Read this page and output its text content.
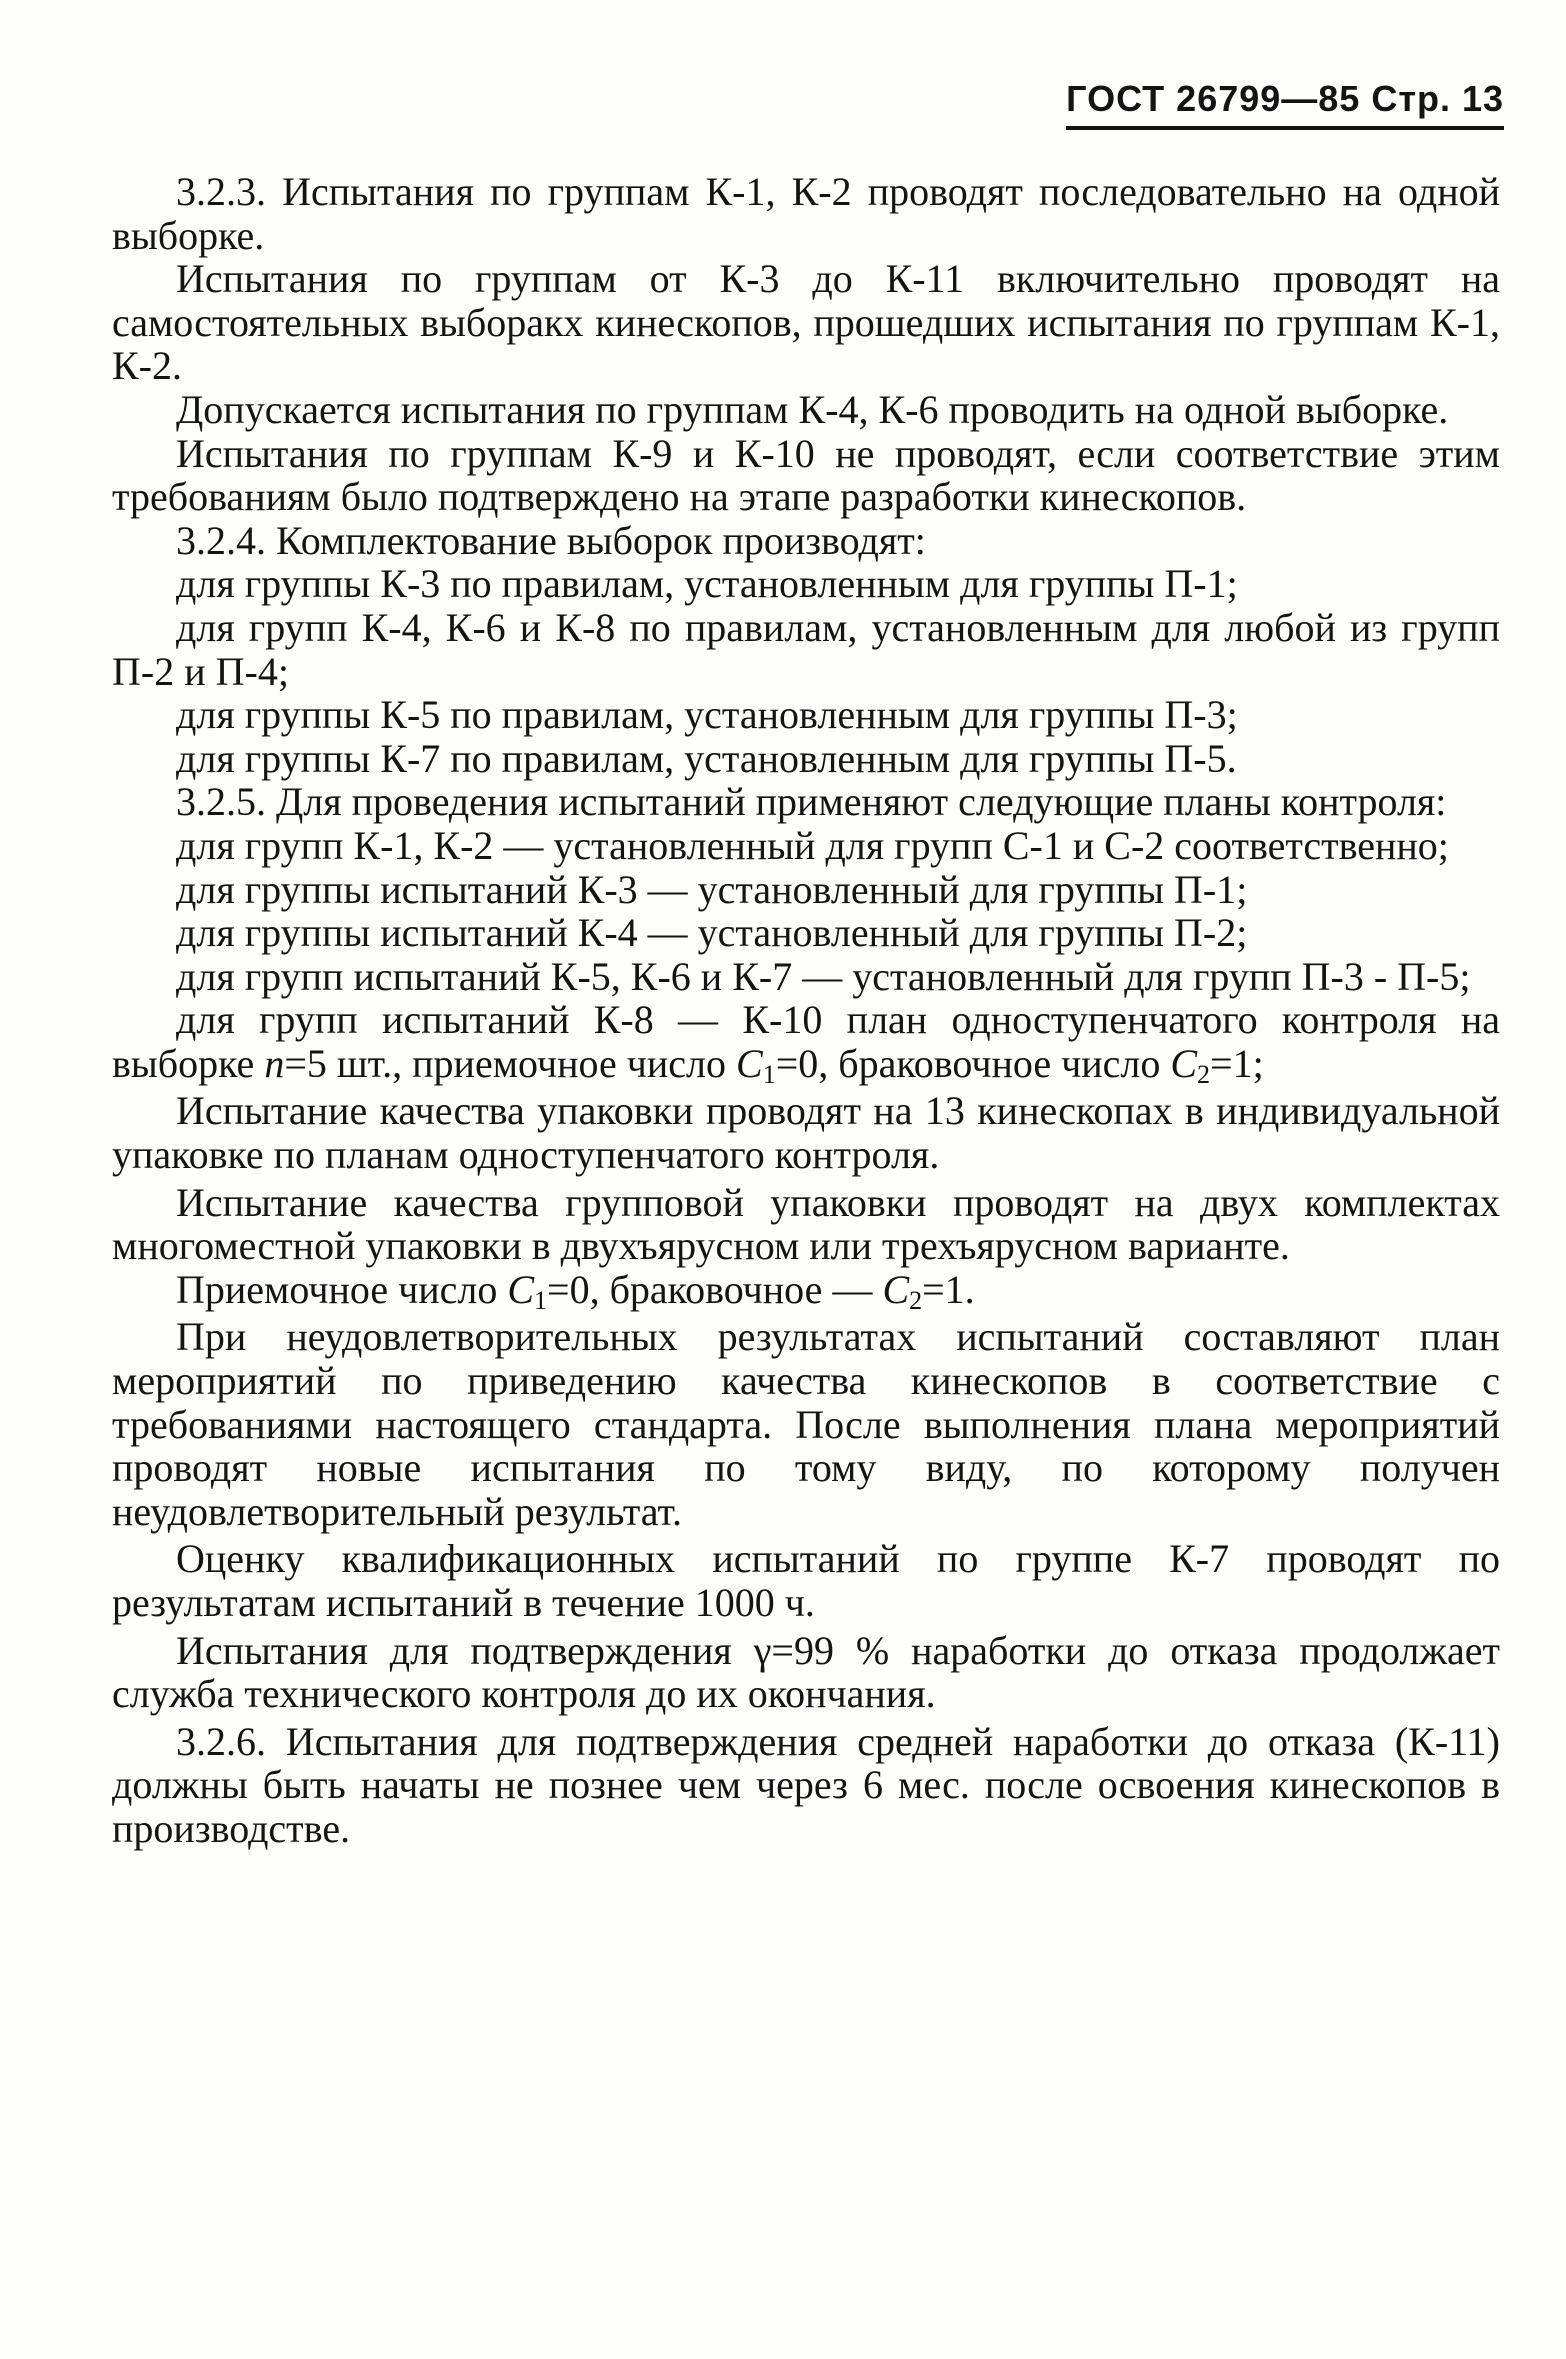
ГОСТ 26799—85 Стр. 13

3.2.3. Испытания по группам К-1, К-2 проводят последовательно на одной выборке.

Испытания по группам от К-3 до К-11 включительно проводят на самостоятельных выборакх кинескопов, прошедших испытания по группам К-1, К-2.

Допускается испытания по группам К-4, К-6 проводить на одной выборке.

Испытания по группам К-9 и К-10 не проводят, если соответствие этим требованиям было подтверждено на этапе разработки кинескопов.

3.2.4. Комплектование выборок производят:

для группы К-3 по правилам, установленным для группы П-1;

для групп К-4, К-6 и К-8 по правилам, установленным для любой из групп П-2 и П-4;

для группы К-5 по правилам, установленным для группы П-3;

для группы К-7 по правилам, установленным для группы П-5.

3.2.5. Для проведения испытаний применяют следующие планы контроля:

для групп К-1, К-2 — установленный для групп С-1 и С-2 соответственно;

для группы испытаний К-3 — установленный для группы П-1;

для группы испытаний К-4 — установленный для группы П-2;

для групп испытаний К-5, К-6 и К-7 — установленный для групп П-3 - П-5;

для групп испытаний К-8 — К-10 план одноступенчатого контроля на выборке n=5 шт., приемочное число $C_1=0$, браковочное число $C_2=1$;

Испытание качества упаковки проводят на 13 кинескопах в индивидуальной упаковке по планам одноступенчатого контроля.

Испытание качества групповой упаковки проводят на двух комплектах многоместной упаковки в двухъярусном или трехъярусном варианте.

Приемочное число $C_1=0$, браковочное — $C_2=1$.

При неудовлетворительных результатах испытаний составляют план мероприятий по приведению качества кинескопов в соответствие с требованиями настоящего стандарта. После выполнения плана мероприятий проводят новые испытания по тому виду, по которому получен неудовлетворительный результат.

Оценку квалификационных испытаний по группе К-7 проводят по результатам испытаний в течение 1000 ч.

Испытания для подтверждения γ=99 % наработки до отказа продолжает служба технического контроля до их окончания.

3.2.6. Испытания для подтверждения средней наработки до отказа (К-11) должны быть начаты не познее чем через 6 мес. после освоения кинескопов в производстве.
